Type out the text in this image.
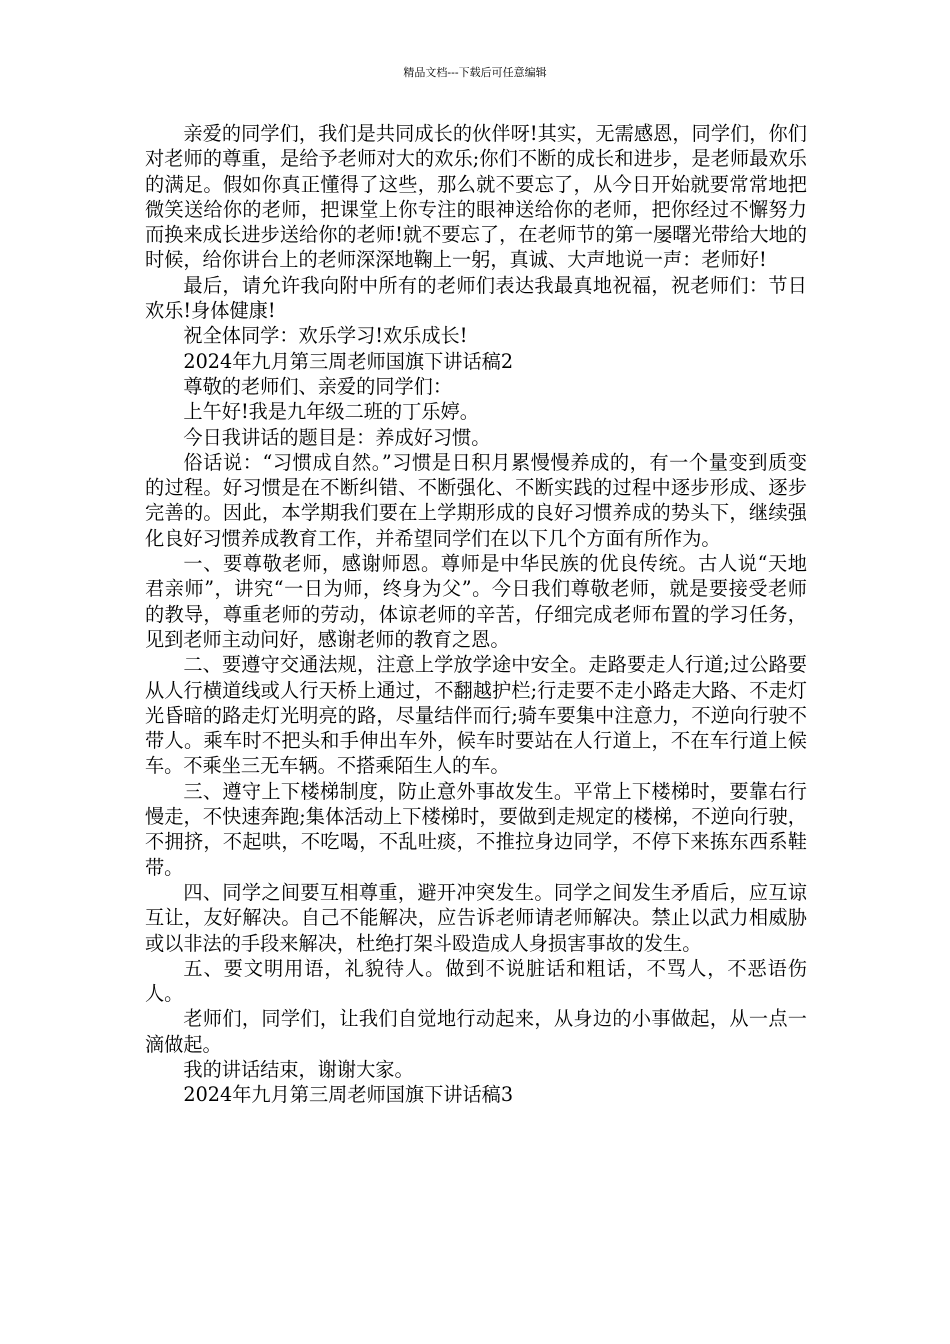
精品文档---下载后可任意编辑

亲爱的同学们，我们是共同成长的伙伴呀!其实，无需感恩，同学们，你们对老师的尊重，是给予老师对大的欢乐;你们不断的成长和进步，是老师最欢乐的满足。假如你真正懂得了这些，那么就不要忘了，从今日开始就要常常地把微笑送给你的老师，把课堂上你专注的眼神送给你的老师，把你经过不懈努力而换来成长进步送给你的老师!就不要忘了，在老师节的第一屡曙光带给大地的时候，给你讲台上的老师深深地鞠上一躬，真诚、大声地说一声：老师好!

最后，请允许我向附中所有的老师们表达我最真地祝福，祝老师们：节日欢乐!身体健康!

祝全体同学：欢乐学习!欢乐成长!

2024年九月第三周老师国旗下讲话稿2

尊敬的老师们、亲爱的同学们：

上午好!我是九年级二班的丁乐婷。

今日我讲话的题目是：养成好习惯。

俗话说：“习惯成自然。”习惯是日积月累慢慢养成的，有一个量变到质变的过程。好习惯是在不断纠错、不断强化、不断实践的过程中逐步形成、逐步完善的。因此，本学期我们要在上学期形成的良好习惯养成的势头下，继续强化良好习惯养成教育工作，并希望同学们在以下几个方面有所作为。

一、要尊敬老师，感谢师恩。尊师是中华民族的优良传统。古人说“天地君亲师”，讲究“一日为师，终身为父”。今日我们尊敬老师，就是要接受老师的教导，尊重老师的劳动，体谅老师的辛苦，仔细完成老师布置的学习任务，见到老师主动问好，感谢老师的教育之恩。

二、要遵守交通法规，注意上学放学途中安全。走路要走人行道;过公路要从人行横道线或人行天桥上通过，不翻越护栏;行走要不走小路走大路、不走灯光昏暗的路走灯光明亮的路，尽量结伴而行;骑车要集中注意力，不逆向行驶不带人。乘车时不把头和手伸出车外，候车时要站在人行道上，不在车行道上候车。不乘坐三无车辆。不搭乘陌生人的车。

三、遵守上下楼梯制度，防止意外事故发生。平常上下楼梯时，要靠右行慢走，不快速奔跑;集体活动上下楼梯时，要做到走规定的楼梯，不逆向行驶，不拥挤，不起哄，不吃喝，不乱吐痰，不推拉身边同学，不停下来拣东西系鞋带。

四、同学之间要互相尊重，避开冲突发生。同学之间发生矛盾后，应互谅互让，友好解决。自己不能解决，应告诉老师请老师解决。禁止以武力相威胁或以非法的手段来解决，杜绝打架斗殴造成人身损害事故的发生。

五、要文明用语，礼貌待人。做到不说脏话和粗话，不骂人，不恶语伤人。

老师们，同学们，让我们自觉地行动起来，从身边的小事做起，从一点一滴做起。

我的讲话结束，谢谢大家。

2024年九月第三周老师国旗下讲话稿3
